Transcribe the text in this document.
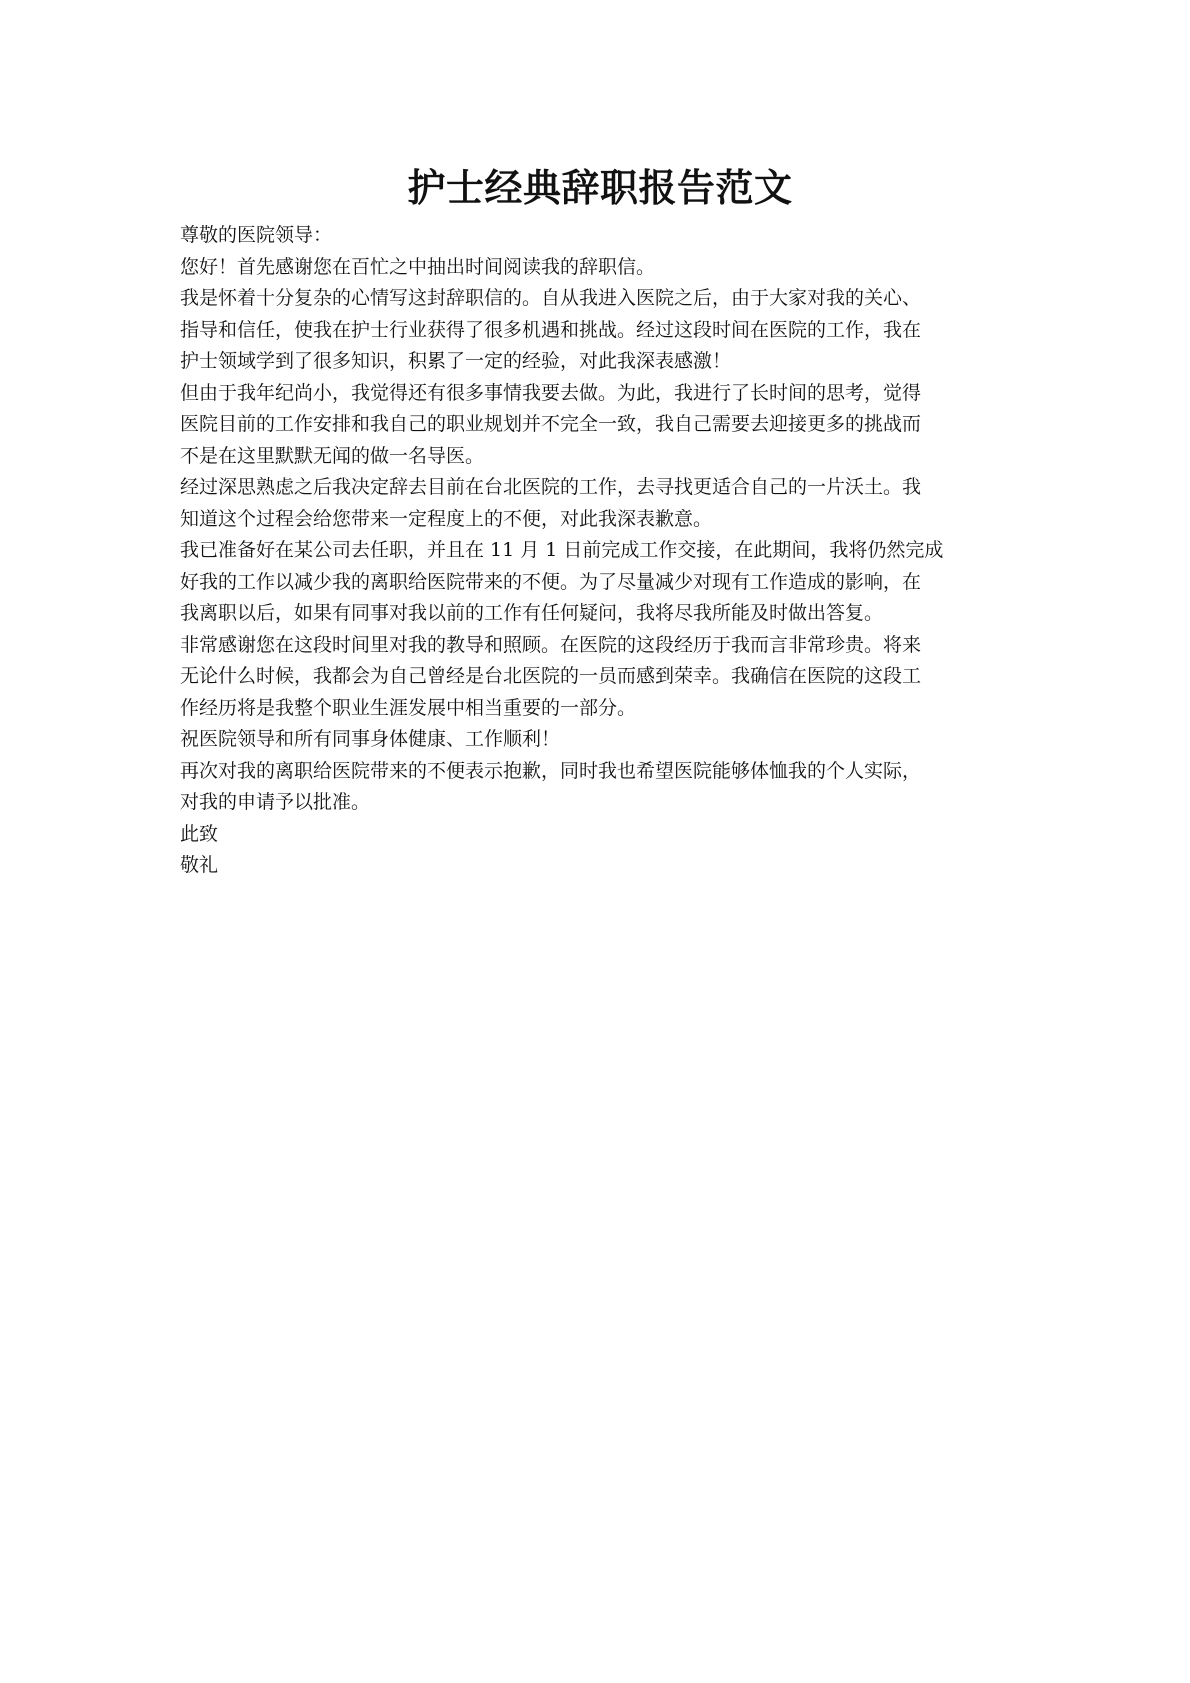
护士经典辞职报告范文

尊敬的医院领导：

您好！首先感谢您在百忙之中抽出时间阅读我的辞职信。

我是怀着十分复杂的心情写这封辞职信的。自从我进入医院之后，由于大家对我的关心、

指导和信任，使我在护士行业获得了很多机遇和挑战。经过这段时间在医院的工作，我在

护士领域学到了很多知识，积累了一定的经验，对此我深表感激！

但由于我年纪尚小，我觉得还有很多事情我要去做。为此，我进行了长时间的思考，觉得

医院目前的工作安排和我自己的职业规划并不完全一致，我自己需要去迎接更多的挑战而

不是在这里默默无闻的做一名导医。

经过深思熟虑之后我决定辞去目前在台北医院的工作，去寻找更适合自己的一片沃土。我

知道这个过程会给您带来一定程度上的不便，对此我深表歉意。

我已准备好在某公司去任职，并且在 11 月 1 日前完成工作交接，在此期间，我将仍然完成

好我的工作以减少我的离职给医院带来的不便。为了尽量减少对现有工作造成的影响，在

我离职以后，如果有同事对我以前的工作有任何疑问，我将尽我所能及时做出答复。

非常感谢您在这段时间里对我的教导和照顾。在医院的这段经历于我而言非常珍贵。将来

无论什么时候，我都会为自己曾经是台北医院的一员而感到荣幸。我确信在医院的这段工

作经历将是我整个职业生涯发展中相当重要的一部分。

祝医院领导和所有同事身体健康、工作顺利！

再次对我的离职给医院带来的不便表示抱歉，同时我也希望医院能够体恤我的个人实际，

对我的申请予以批准。

此致

敬礼
